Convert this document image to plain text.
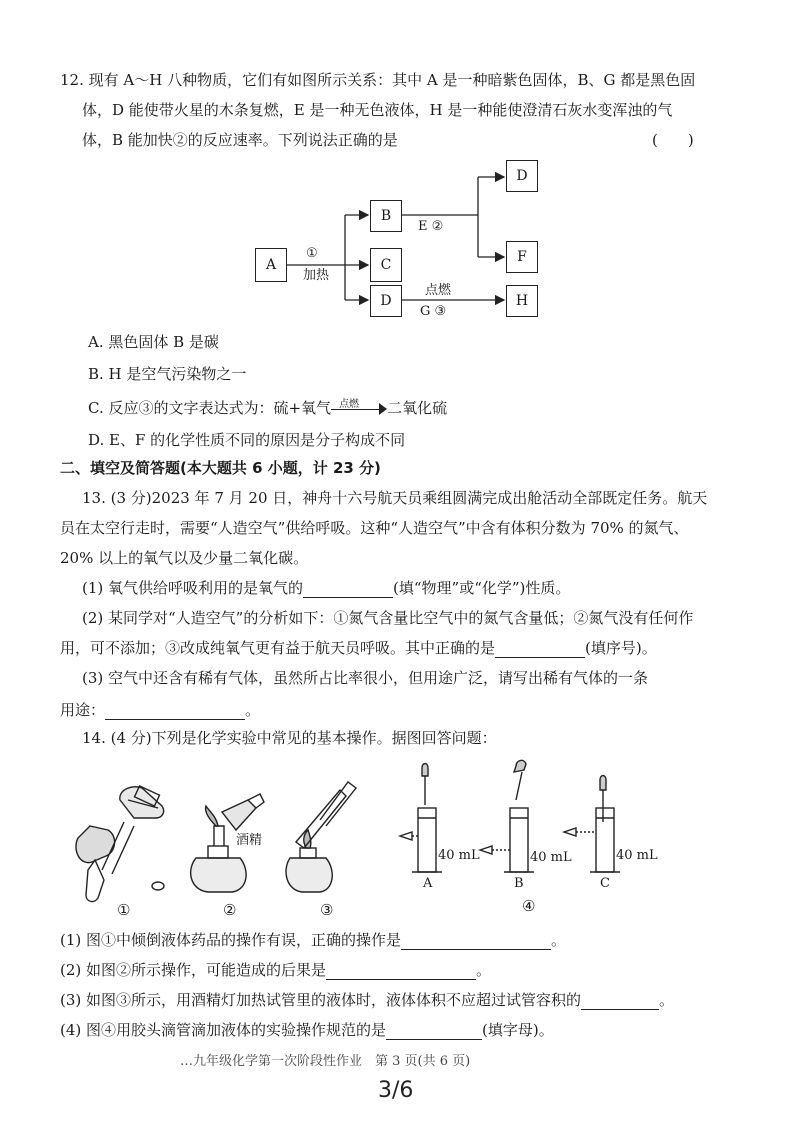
12. 现有 A～H 八种物质，它们有如图所示关系：其中 A 是一种暗紫色固体，B、G 都是黑色固
体，D 能使带火星的木条复燃，E 是一种无色液体，H 是一种能使澄清石灰水变浑浊的气
体，B 能加快②的反应速率。下列说法正确的是	(　　)
A
B
C
D
D
F
H
①
加热
E ②
点燃
G ③
A. 黑色固体 B 是碳
B. H 是空气污染物之一
C. 反应③的文字表达式为：硫+氧气 点燃 二氧化硫
D. E、F 的化学性质不同的原因是分子构成不同
二、填空及简答题(本大题共 6 小题，计 23 分)
13. (3 分)2023 年 7 月 20 日，神舟十六号航天员乘组圆满完成出舱活动全部既定任务。航天
员在太空行走时，需要“人造空气”供给呼吸。这种“人造空气”中含有体积分数为 70% 的氮气、
20% 以上的氧气以及少量二氧化碳。
(1) 氧气供给呼吸利用的是氧气的	(填“物理”或“化学”)性质。
(2) 某同学对“人造空气”的分析如下：①氮气含量比空气中的氮气含量低；②氮气没有任何作
用，可不添加；③改成纯氧气更有益于航天员呼吸。其中正确的是	(填序号)。
(3) 空气中还含有稀有气体，虽然所占比率很小，但用途广泛，请写出稀有气体的一条
用途：	。
14. (4 分)下列是化学实验中常见的基本操作。据图回答问题：
①	②	③	④
酒精
40 mL	40 mL	40 mL
A	B	C
(1) 图①中倾倒液体药品的操作有误，正确的操作是	。
(2) 如图②所示操作，可能造成的后果是	。
(3) 如图③所示，用酒精灯加热试管里的液体时，液体体积不应超过试管容积的	。
(4) 图④用胶头滴管滴加液体的实验操作规范的是	(填字母)。
…九年级化学第一次阶段性作业　第 3 页(共 6 页)
3/6
